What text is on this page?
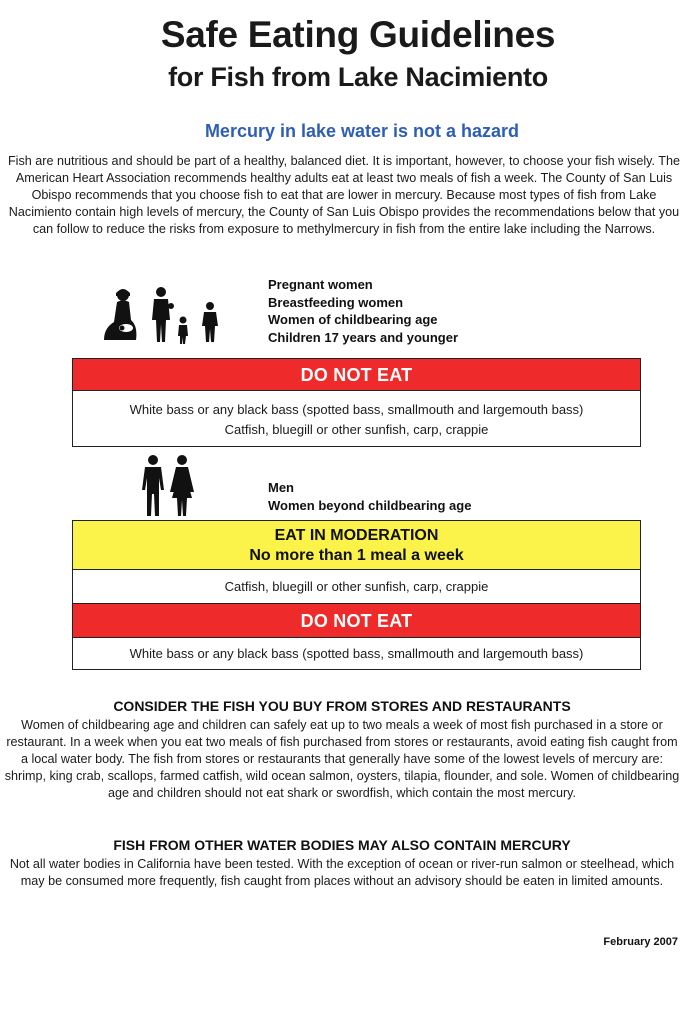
Safe Eating Guidelines
for Fish from Lake Nacimiento
Mercury in lake water is not a hazard
Fish are nutritious and should be part of a healthy, balanced diet. It is important, however, to choose your fish wisely. The American Heart Association recommends healthy adults eat at least two meals of fish a week. The County of San Luis Obispo recommends that you choose fish to eat that are lower in mercury. Because most types of fish from Lake Nacimiento contain high levels of mercury, the County of San Luis Obispo provides the recommendations below that you can follow to reduce the risks from exposure to methylmercury in fish from the entire lake including the Narrows.
Pregnant women
Breastfeeding women
Women of childbearing age
Children 17 years and younger
DO NOT EAT
White bass or any black bass (spotted bass, smallmouth and largemouth bass)
Catfish, bluegill or other sunfish, carp, crappie
Men
Women beyond childbearing age
EAT IN MODERATION
No more than 1 meal a week
Catfish, bluegill or other sunfish, carp, crappie
DO NOT EAT
White bass or any black bass (spotted bass, smallmouth and largemouth bass)
CONSIDER THE FISH YOU BUY FROM STORES AND RESTAURANTS
Women of childbearing age and children can safely eat up to two meals a week of most fish purchased in a store or restaurant. In a week when you eat two meals of fish purchased from stores or restaurants, avoid eating fish caught from a local water body. The fish from stores or restaurants that generally have some of the lowest levels of mercury are: shrimp, king crab, scallops, farmed catfish, wild ocean salmon, oysters, tilapia, flounder, and sole. Women of childbearing age and children should not eat shark or swordfish, which contain the most mercury.
FISH FROM OTHER WATER BODIES MAY ALSO CONTAIN MERCURY
Not all water bodies in California have been tested. With the exception of ocean or river-run salmon or steelhead, which may be consumed more frequently, fish caught from places without an advisory should be eaten in limited amounts.
February 2007
